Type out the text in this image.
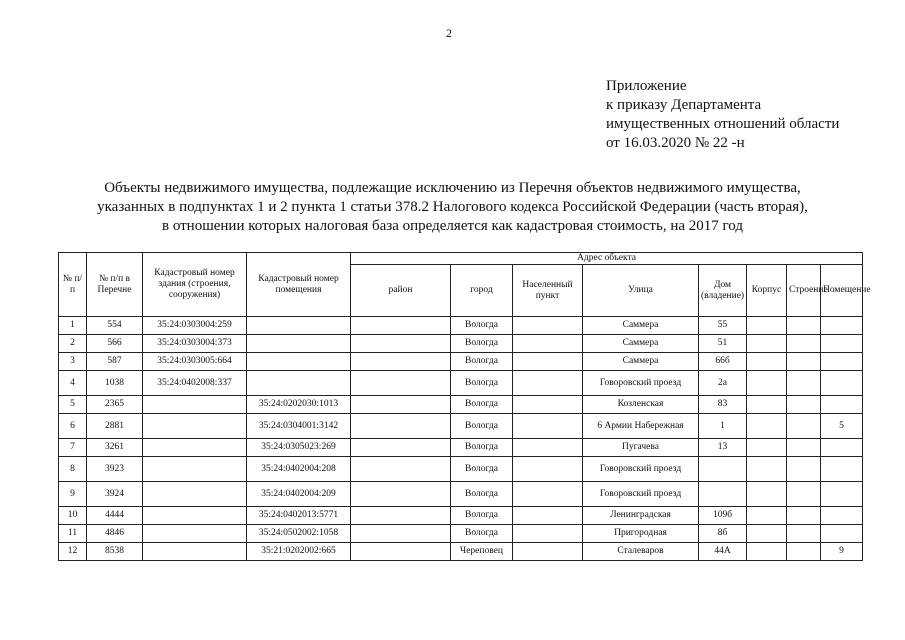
2
Приложение
к приказу Департамента
имущественных отношений области
от 16.03.2020 № 22 -н
Объекты недвижимого имущества, подлежащие исключению из Перечня объектов недвижимого имущества,
указанных в подпунктах 1 и 2 пункта 1 статьи 378.2 Налогового кодекса Российской Федерации (часть вторая),
в отношении которых налоговая база определяется как кадастровая стоимость, на 2017 год
№ п/п	№ п/п в Перечне	Кадастровый номер здания (строения, сооружения)	Кадастровый номер помещения	Адрес объекта							
				район	город	Населенный пункт	Улица	Дом (владение)	Корпус	Строение	Помещение
1	554	35:24:0303004:259			Вологда		Саммера	55			
2	566	35:24:0303004:373			Вологда		Саммера	51			
3	587	35:24:0303005:664			Вологда		Саммера	66б			
4	1038	35:24:0402008:337			Вологда		Говоровский проезд	2а			
5	2365		35:24:0202030:1013		Вологда		Козленская	83			
6	2881		35:24:0304001:3142		Вологда		6 Армии Набережная	1			5
7	3261		35:24:0305023:269		Вологда		Пугачева	13			
8	3923		35:24:0402004:208		Вологда		Говоровский проезд				
9	3924		35:24:0402004:209		Вологда		Говоровский проезд				
10	4444		35:24:0402013:5771		Вологда		Ленинградская	109б			
11	4846		35:24:0502002:1058		Вологда		Пригородная	8б			
12	8538		35:21:0202002:665		Череповец		Сталеваров	44А			9
